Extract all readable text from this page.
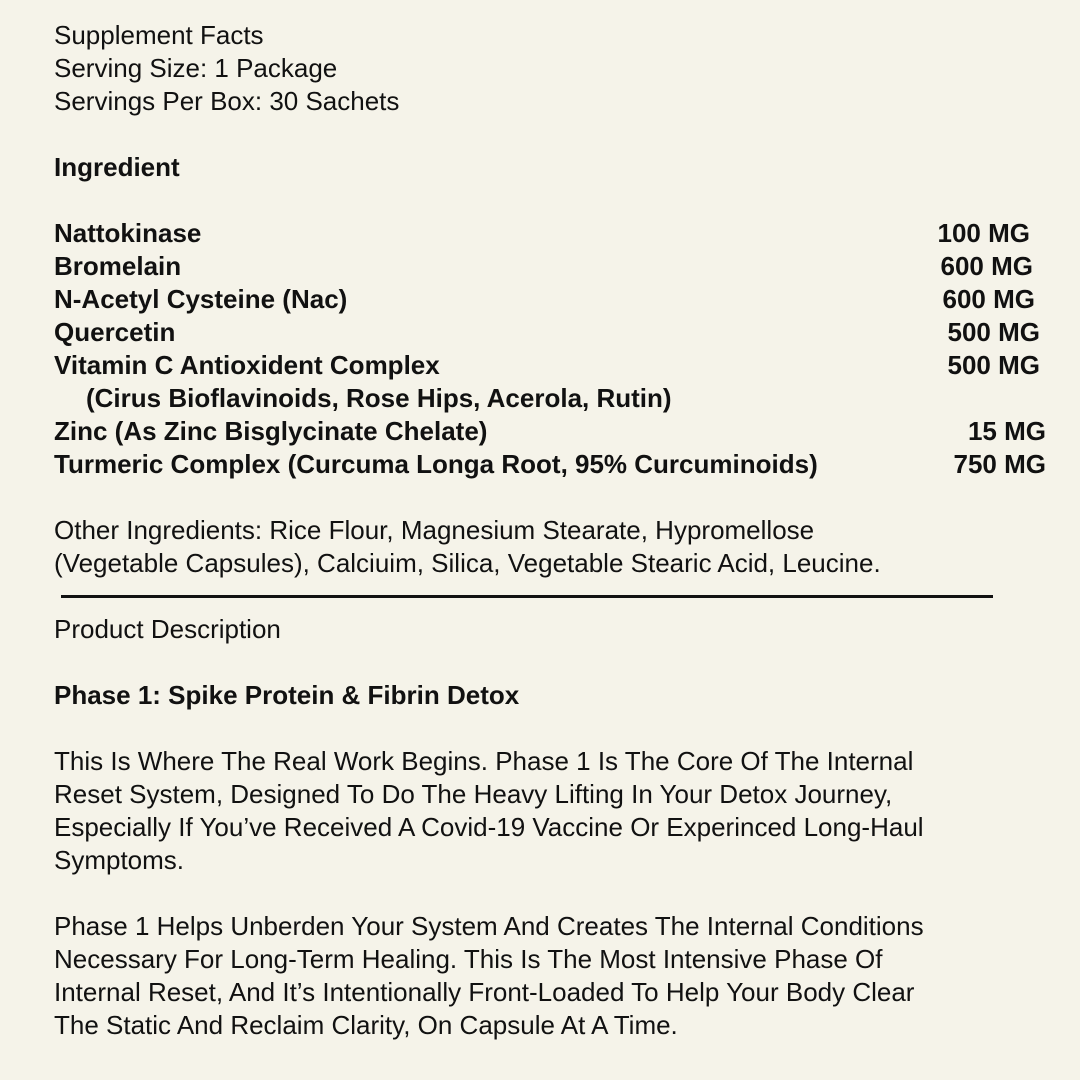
Supplement Facts
Serving Size: 1 Package
Servings Per Box: 30 Sachets
Ingredient
Nattokinase	100 MG
Bromelain	600 MG
N-Acetyl Cysteine (Nac)	600 MG
Quercetin	500 MG
Vitamin C Antioxident Complex	500 MG
(Cirus Bioflavinoids, Rose Hips, Acerola, Rutin)
Zinc (As Zinc Bisglycinate Chelate)	15 MG
Turmeric Complex (Curcuma Longa Root, 95% Curcuminoids)	750 MG
Other Ingredients: Rice Flour, Magnesium Stearate, Hypromellose
(Vegetable Capsules), Calciuim, Silica, Vegetable Stearic Acid, Leucine.
Product Description
Phase 1: Spike Protein & Fibrin Detox
This Is Where The Real Work Begins. Phase 1 Is The Core Of The Internal
Reset System, Designed To Do The Heavy Lifting In Your Detox Journey,
Especially If You’ve Received A Covid-19 Vaccine Or Experinced Long-Haul
Symptoms.
Phase 1 Helps Unberden Your System And Creates The Internal Conditions
Necessary For Long-Term Healing. This Is The Most Intensive Phase Of
Internal Reset, And It’s Intentionally Front-Loaded To Help Your Body Clear
The Static And Reclaim Clarity, On Capsule At A Time.
